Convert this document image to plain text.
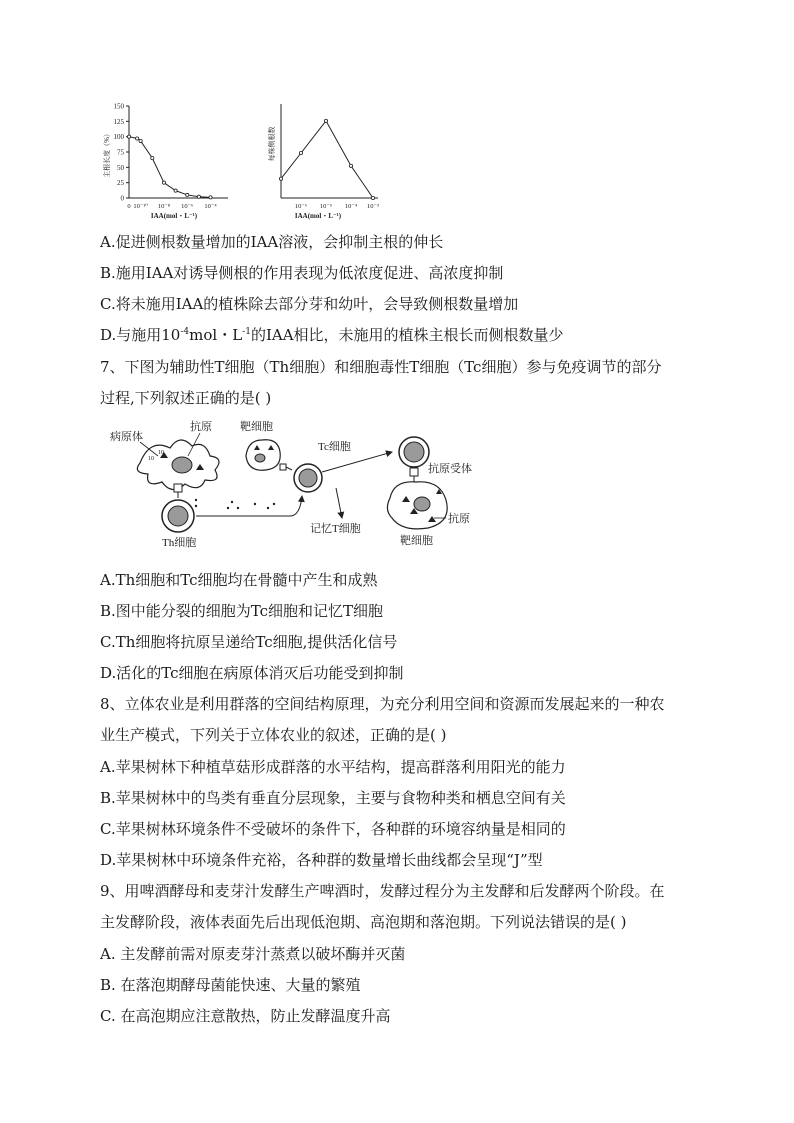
0
25
50
75
100
125
150
0 10⁻¹⁰ 10⁻⁸ 10⁻⁶ 10⁻⁴
主根长度（%）
IAA(mol・L⁻¹)
10⁻⁶ 10⁻⁵ 10⁻⁴ 10⁻³
每株侧根数
IAA(mol・L⁻¹)
A.促进侧根数量增加的IAA溶液，会抑制主根的伸长
B.施用IAA对诱导侧根的作用表现为低浓度促进、高浓度抑制
C.将未施用IAA的植株除去部分芽和幼叶，会导致侧根数量增加
D.与施用$10^{-4}mol$・$L^{-1}$的IAA相比，未施用的植株主根长而侧根数量少
7、下图为辅助性T细胞（Th细胞）和细胞毒性T细胞（Tc细胞）参与免疫调节的部分
过程,下列叙述正确的是( )
10
10
病原体
抗原
Th细胞
靶细胞
Tc细胞
记忆T细胞
抗原受体
抗原
靶细胞
A.Th细胞和Tc细胞均在骨髓中产生和成熟
B.图中能分裂的细胞为Tc细胞和记忆T细胞
C.Th细胞将抗原呈递给Tc细胞,提供活化信号
D.活化的Tc细胞在病原体消灭后功能受到抑制
8、立体农业是利用群落的空间结构原理，为充分利用空间和资源而发展起来的一种农
业生产模式，下列关于立体农业的叙述，正确的是( )
A.苹果树林下种植草菇形成群落的水平结构，提高群落利用阳光的能力
B.苹果树林中的鸟类有垂直分层现象，主要与食物种类和栖息空间有关
C.苹果树林环境条件不受破坏的条件下，各种群的环境容纳量是相同的
D.苹果树林中环境条件充裕，各种群的数量增长曲线都会呈现“J”型
9、用啤酒酵母和麦芽汁发酵生产啤酒时，发酵过程分为主发酵和后发酵两个阶段。在
主发酵阶段，液体表面先后出现低泡期、高泡期和落泡期。下列说法错误的是( )
A. 主发酵前需对原麦芽汁蒸煮以破坏酶并灭菌
B. 在落泡期酵母菌能快速、大量的繁殖
C. 在高泡期应注意散热，防止发酵温度升高
